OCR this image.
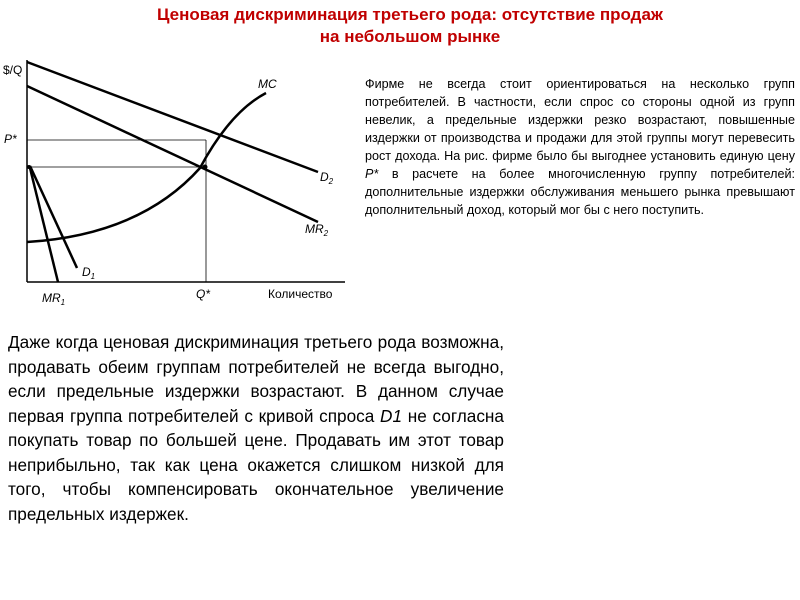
Ценовая дискриминация третьего рода: отсутствие продаж
на небольшом рынке
$/Q
P*
Q*	Количество
MC
$D_2$
$MR_2$
$D_1$
$MR_1$
Фирме не всегда стоит ориентироваться на несколько групп потребителей. В частности, если спрос со стороны одной из групп невелик, а предельные издержки резко возрастают, повышенные издержки от производства и продажи для этой группы могут перевесить рост дохода. На рис. фирме было бы выгоднее установить единую цену P* в расчете на более многочисленную группу потребителей: дополнительные издержки обслуживания меньшего рынка превышают дополнительный доход, который мог бы с него поступить.
Даже когда ценовая дискриминация третьего рода возможна, продавать обеим группам потребителей не всегда выгодно, если предельные издержки возрастают. В данном случае первая группа потребителей с кривой спроса D1 не согласна покупать товар по большей цене. Продавать им этот товар неприбыльно, так как цена окажется слишком низкой для того, чтобы компенсировать окончательное увеличение предельных издержек.
